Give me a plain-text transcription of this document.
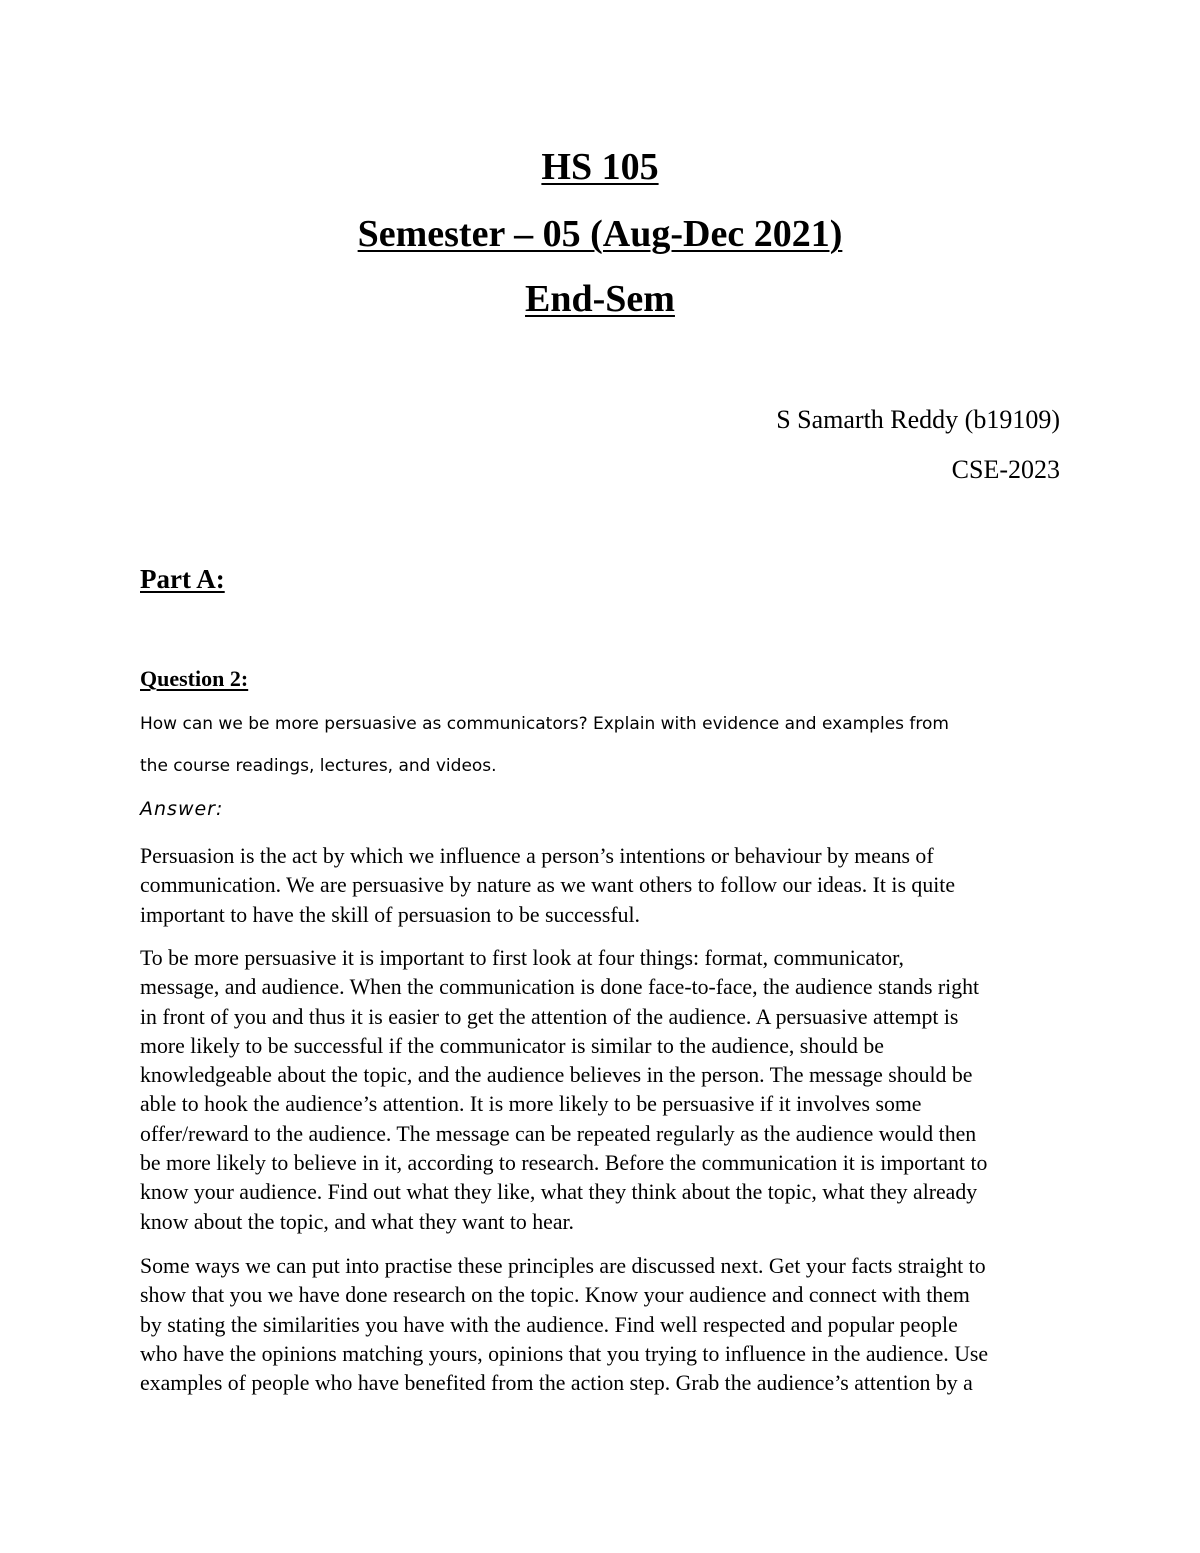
HS 105
Semester – 05 (Aug-Dec 2021)
End-Sem
S Samarth Reddy (b19109)
CSE-2023
Part A:
Question 2:

How can we be more persuasive as communicators? Explain with evidence and examples from

the course readings, lectures, and videos.

Answer:

Persuasion is the act by which we influence a person’s intentions or behaviour by means of
communication. We are persuasive by nature as we want others to follow our ideas. It is quite
important to have the skill of persuasion to be successful.
To be more persuasive it is important to first look at four things: format, communicator,
message, and audience. When the communication is done face-to-face, the audience stands right
in front of you and thus it is easier to get the attention of the audience. A persuasive attempt is
more likely to be successful if the communicator is similar to the audience, should be
knowledgeable about the topic, and the audience believes in the person. The message should be
able to hook the audience’s attention. It is more likely to be persuasive if it involves some
offer/reward to the audience. The message can be repeated regularly as the audience would then
be more likely to believe in it, according to research. Before the communication it is important to
know your audience. Find out what they like, what they think about the topic, what they already
know about the topic, and what they want to hear.
Some ways we can put into practise these principles are discussed next. Get your facts straight to
show that you we have done research on the topic. Know your audience and connect with them
by stating the similarities you have with the audience. Find well respected and popular people
who have the opinions matching yours, opinions that you trying to influence in the audience. Use
examples of people who have benefited from the action step. Grab the audience’s attention by a
